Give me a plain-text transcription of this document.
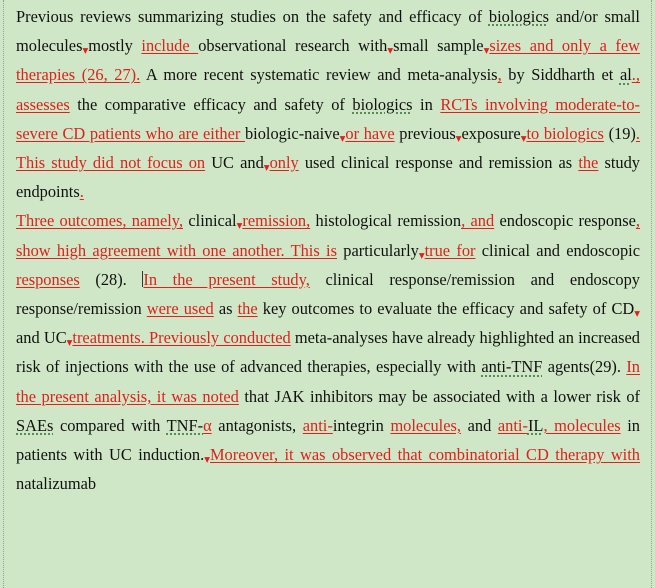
Previous reviews summarizing studies on the safety and efficacy of biologics and/or small molecules▾mostly include observational research with▾small sample▾sizes and only a few therapies (26, 27). A more recent systematic review and meta-analysis, by Siddharth et al., assesses the comparative efficacy and safety of biologics in RCTs involving moderate-to-severe CD patients who are either biologic-naive▾or have previous▾exposure▾to biologics (19). This study did not focus on UC and▾only used clinical response and remission as the study endpoints.

Three outcomes, namely, clinical▾remission, histological remission, and endoscopic response, show high agreement with one another. This is particularly▾true for clinical and endoscopic responses (28). In the present study, clinical response/remission and endoscopy response/remission were used as the key outcomes to evaluate the efficacy and safety of CD▾ and UC▾treatments. Previously conducted meta-analyses have already highlighted an increased risk of injections with the use of advanced therapies, especially with anti-TNF agents(29). In the present analysis, it was noted that JAK inhibitors may be associated with a lower risk of SAEs compared with TNF-α antagonists, anti-integrin molecules, and anti-IL, molecules in patients with UC induction.▾Moreover, it was observed that combinatorial CD therapy with natalizumab
